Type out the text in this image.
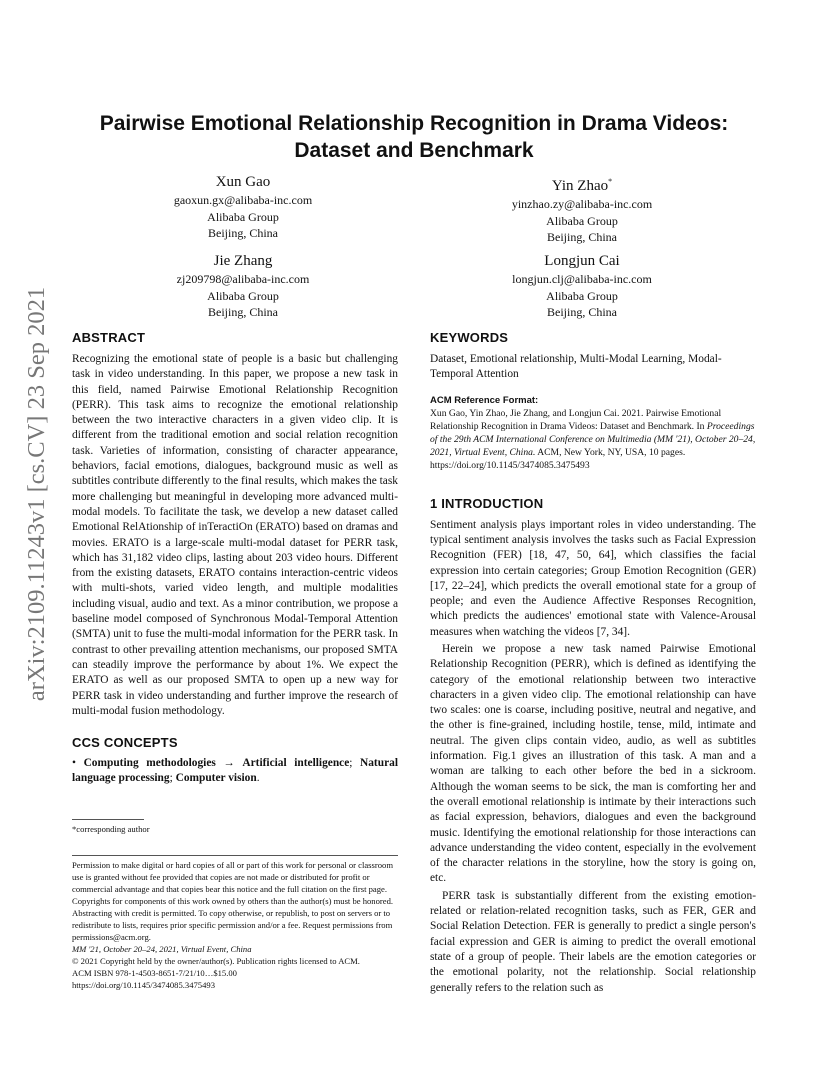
arXiv:2109.11243v1 [cs.CV] 23 Sep 2021
Pairwise Emotional Relationship Recognition in Drama Videos:
Dataset and Benchmark
Xun Gao
gaoxun.gx@alibaba-inc.com
Alibaba Group
Beijing, China
Yin Zhao*
yinzhao.zy@alibaba-inc.com
Alibaba Group
Beijing, China
Jie Zhang
zj209798@alibaba-inc.com
Alibaba Group
Beijing, China
Longjun Cai
longjun.clj@alibaba-inc.com
Alibaba Group
Beijing, China
ABSTRACT

Recognizing the emotional state of people is a basic but challenging task in video understanding. In this paper, we propose a new task in this field, named Pairwise Emotional Relationship Recognition (PERR). This task aims to recognize the emotional relationship between the two interactive characters in a given video clip. It is different from the traditional emotion and social relation recognition task. Varieties of information, consisting of character appearance, behaviors, facial emotions, dialogues, background music as well as subtitles contribute differently to the final results, which makes the task more challenging but meaningful in developing more advanced multi-modal models. To facilitate the task, we develop a new dataset called Emotional RelAtionship of inTeractiOn (ERATO) based on dramas and movies. ERATO is a large-scale multi-modal dataset for PERR task, which has 31,182 video clips, lasting about 203 video hours. Different from the existing datasets, ERATO contains interaction-centric videos with multi-shots, varied video length, and multiple modalities including visual, audio and text. As a minor contribution, we propose a baseline model composed of Synchronous Modal-Temporal Attention (SMTA) unit to fuse the multi-modal information for the PERR task. In contrast to other prevailing attention mechanisms, our proposed SMTA can steadily improve the performance by about 1%. We expect the ERATO as well as our proposed SMTA to open up a new way for PERR task in video understanding and further improve the research of multi-modal fusion methodology.

CCS CONCEPTS

• Computing methodologies → Artificial intelligence; Natural language processing; Computer vision.

*corresponding author

Permission to make digital or hard copies of all or part of this work for personal or classroom use is granted without fee provided that copies are not made or distributed for profit or commercial advantage and that copies bear this notice and the full citation on the first page. Copyrights for components of this work owned by others than the author(s) must be honored. Abstracting with credit is permitted. To copy otherwise, or republish, to post on servers or to redistribute to lists, requires prior specific permission and/or a fee. Request permissions from permissions@acm.org.

MM '21, October 20–24, 2021, Virtual Event, China

© 2021 Copyright held by the owner/author(s). Publication rights licensed to ACM.

ACM ISBN 978-1-4503-8651-7/21/10…$15.00

https://doi.org/10.1145/3474085.3475493

KEYWORDS

Dataset, Emotional relationship, Multi-Modal Learning, Modal-Temporal Attention

ACM Reference Format:

Xun Gao, Yin Zhao, Jie Zhang, and Longjun Cai. 2021. Pairwise Emotional Relationship Recognition in Drama Videos: Dataset and Benchmark. In Proceedings of the 29th ACM International Conference on Multimedia (MM '21), October 20–24, 2021, Virtual Event, China. ACM, New York, NY, USA, 10 pages. https://doi.org/10.1145/3474085.3475493

1 INTRODUCTION

Sentiment analysis plays important roles in video understanding. The typical sentiment analysis involves the tasks such as Facial Expression Recognition (FER) [18, 47, 50, 64], which classifies the facial expression into certain categories; Group Emotion Recognition (GER) [17, 22–24], which predicts the overall emotional state for a group of people; and even the Audience Affective Responses Recognition, which predicts the audiences' emotional state with Valence-Arousal measures when watching the videos [7, 34].

Herein we propose a new task named Pairwise Emotional Relationship Recognition (PERR), which is defined as identifying the category of the emotional relationship between two interactive characters in a given video clip. The emotional relationship can have two scales: one is coarse, including positive, neutral and negative, and the other is fine-grained, including hostile, tense, mild, intimate and neutral. The given clips contain video, audio, as well as subtitles information. Fig.1 gives an illustration of this task. A man and a woman are talking to each other before the bed in a sickroom. Although the woman seems to be sick, the man is comforting her and the overall emotional relationship is intimate by their interactions such as facial expression, behaviors, dialogues and even the background music. Identifying the emotional relationship for those interactions can advance understanding the video content, especially in the evolvement of the character relations in the storyline, how the story is going on, etc.

PERR task is substantially different from the existing emotion-related or relation-related recognition tasks, such as FER, GER and Social Relation Detection. FER is generally to predict a single person's facial expression and GER is aiming to predict the overall emotional state of a group of people. Their labels are the emotion categories or the emotional polarity, not the relationship. Social relationship generally refers to the relation such as
